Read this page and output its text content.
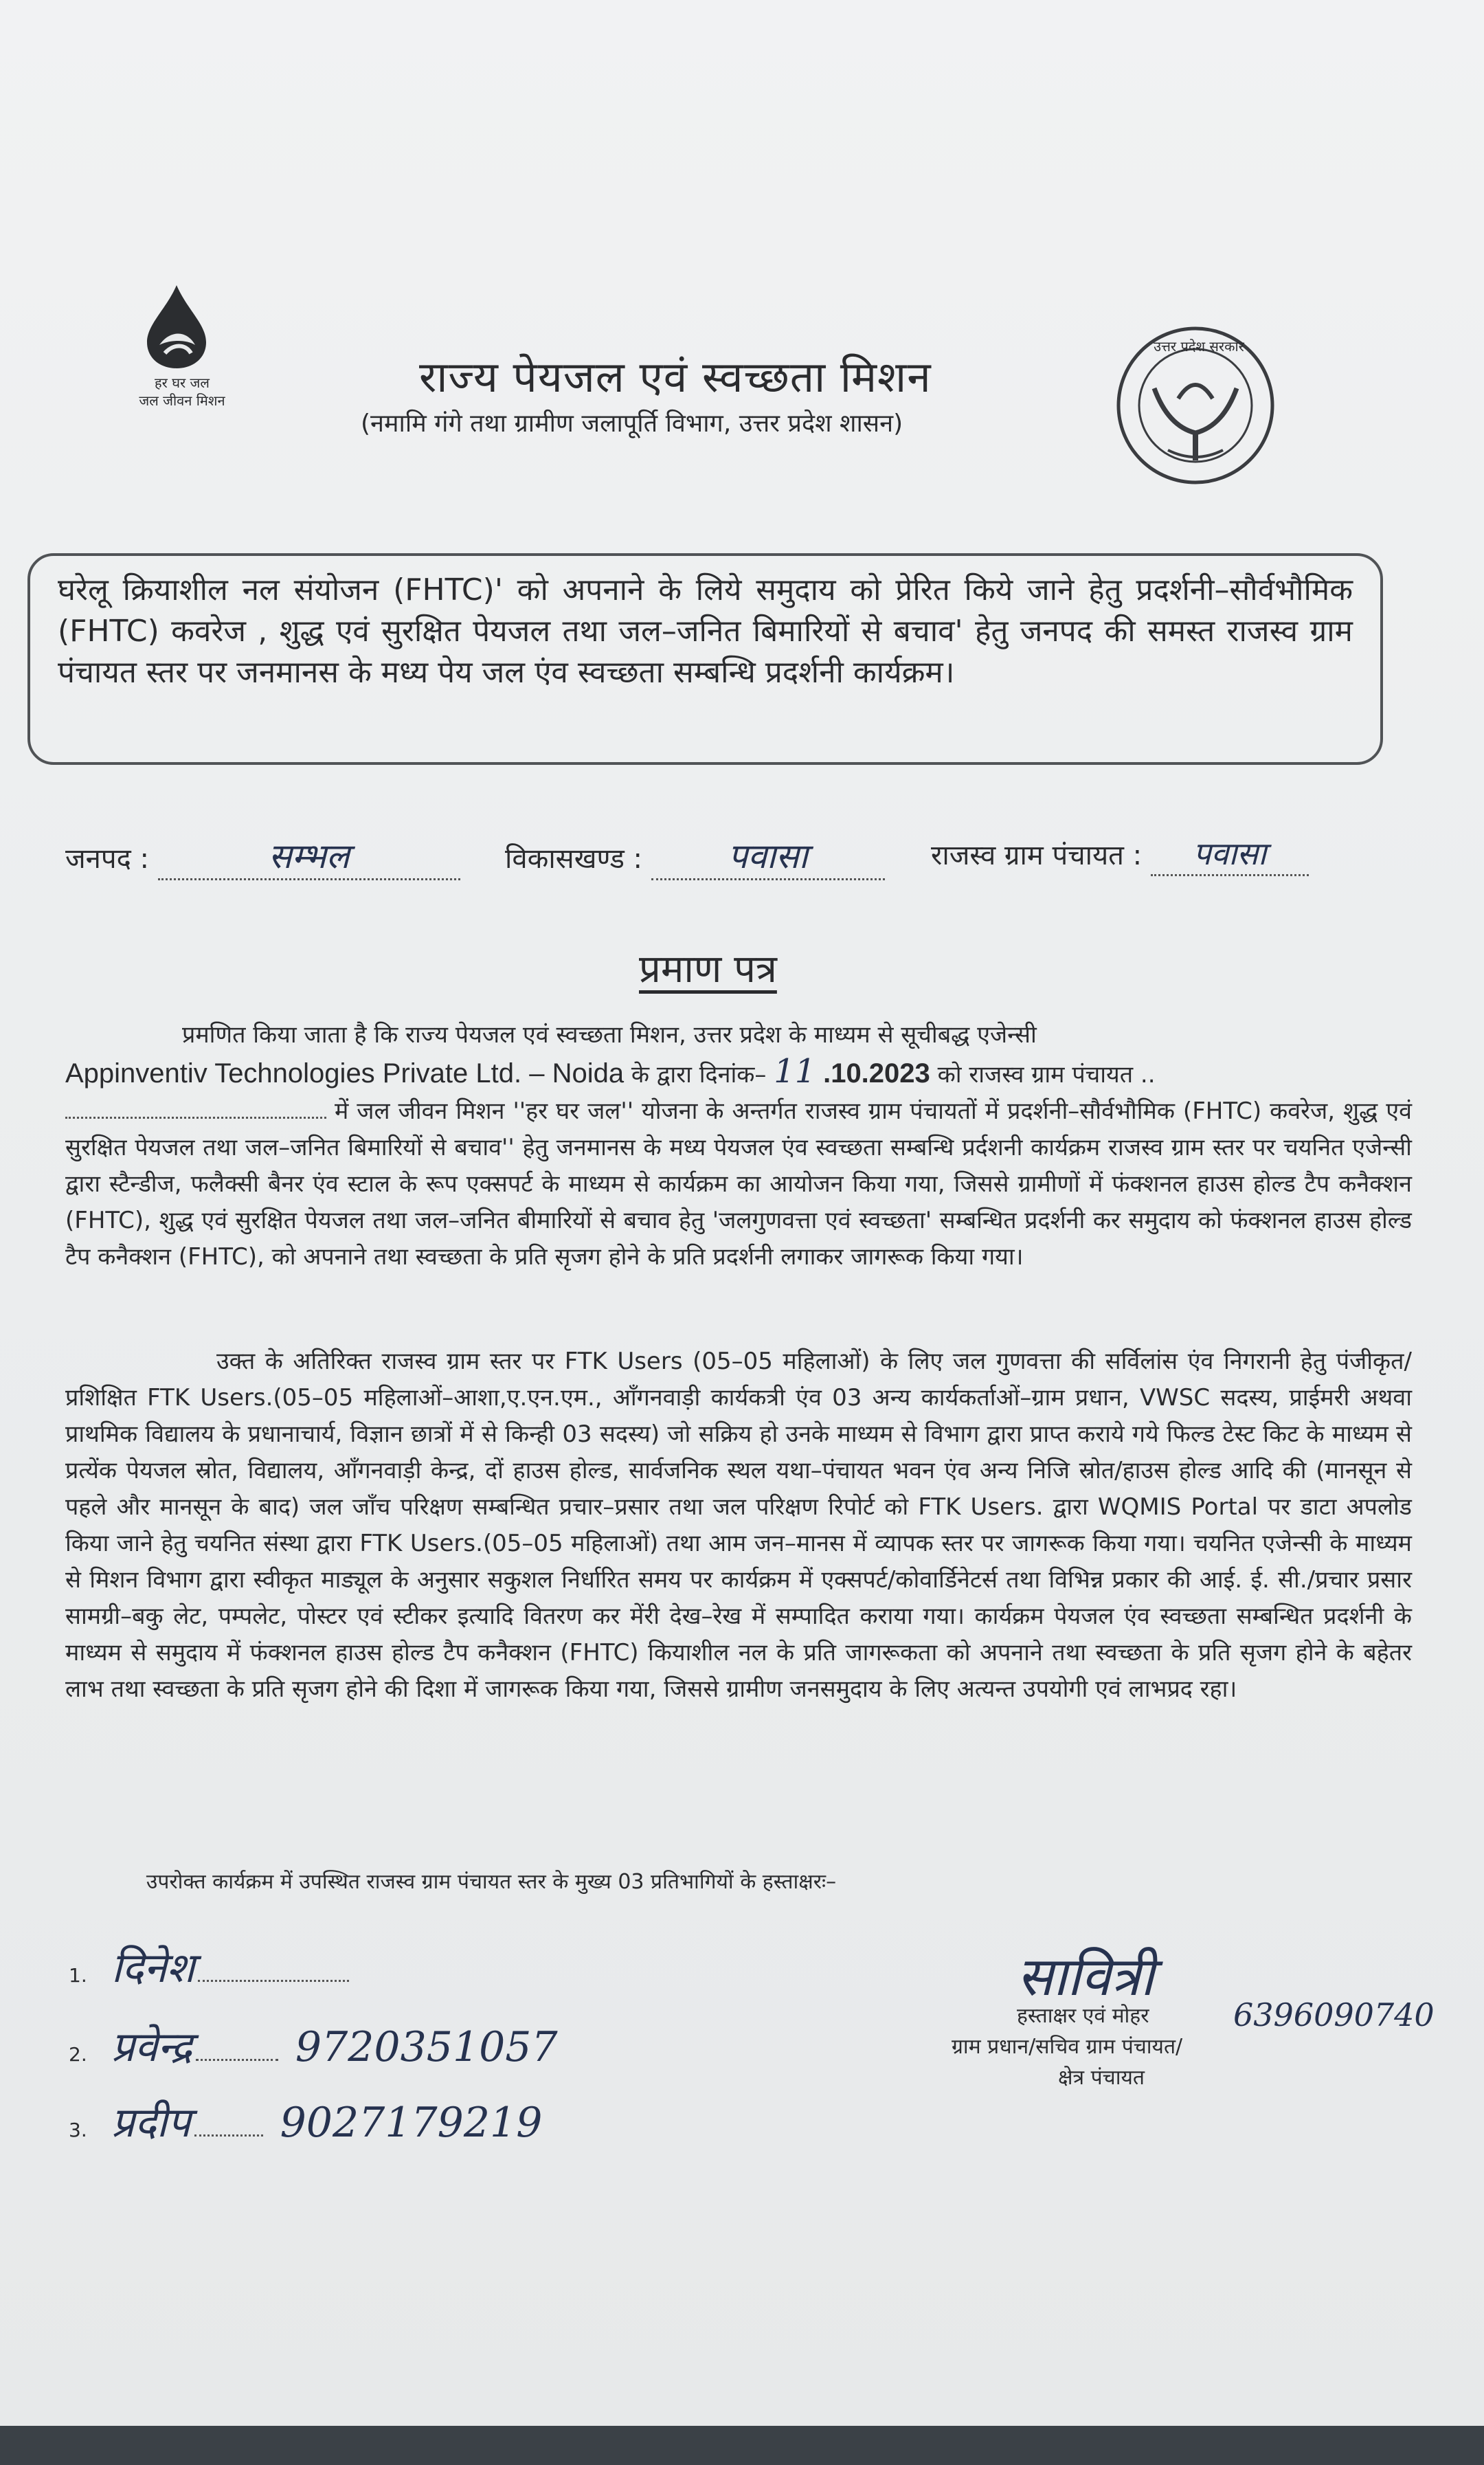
हर घर जल
जल जीवन मिशन	राज्य पेयजल एवं स्वच्छता मिशन
(नमामि गंगे तथा ग्रामीण जलापूर्ति विभाग, उत्तर प्रदेश शासन)
उत्तर प्रदेश सरकार

घरेलू क्रियाशील नल संयोजन (FHTC)' को अपनाने के लिये समुदाय को प्रेरित किये जाने हेतु प्रदर्शनी–सौर्वभौमिक (FHTC) कवरेज , शुद्ध एवं सुरक्षित पेयजल तथा जल–जनित बिमारियों से बचाव' हेतु जनपद की समस्त राजस्व ग्राम पंचायत स्तर पर जनमानस के मध्य पेय जल एंव स्वच्छता सम्बन्धि प्रदर्शनी कार्यक्रम।

जनपद :	सम्भल	विकासखण्ड : पवासा	राजस्व ग्राम पंचायत : पवासा
प्रमाण पत्र
प्रमणित किया जाता है कि राज्य पेयजल एवं स्वच्छता मिशन, उत्तर प्रदेश के माध्यम से सूचीबद्ध एजेन्सी
Appinventiv Technologies Private Ltd. – Noida के द्वारा दिनांक– 11 .10.2023 को राजस्व ग्राम पंचायत ..
में जल जीवन मिशन ''हर घर जल'' योजना के अन्तर्गत राजस्व ग्राम पंचायतों में प्रदर्शनी–सौर्वभौमिक (FHTC) कवरेज, शुद्ध एवं सुरक्षित पेयजल तथा जल–जनित बिमारियों से बचाव'' हेतु जनमानस के मध्य पेयजल एंव स्वच्छता सम्बन्धि प्रर्दशनी कार्यक्रम राजस्व ग्राम स्तर पर चयनित एजेन्सी द्वारा स्टैन्डीज, फलैक्सी बैनर एंव स्टाल के रूप एक्सपर्ट के माध्यम से कार्यक्रम का आयोजन किया गया, जिससे ग्रामीणों में फंक्शनल हाउस होल्ड टैप कनैक्शन (FHTC), शुद्ध एवं सुरक्षित पेयजल तथा जल–जनित बीमारियों से बचाव हेतु 'जलगुणवत्ता एवं स्वच्छता' सम्बन्धित प्रदर्शनी कर समुदाय को फंक्शनल हाउस होल्ड टैप कनैक्शन (FHTC), को अपनाने तथा स्वच्छता के प्रति सृजग होने के प्रति प्रदर्शनी लगाकर जागरूक किया गया।
उक्त के अतिरिक्त राजस्व ग्राम स्तर पर FTK Users (05–05 महिलाओं) के लिए जल गुणवत्ता की सर्विलांस एंव निगरानी हेतु पंजीकृत/प्रशिक्षित FTK Users.(05–05 महिलाओं–आशा,ए.एन.एम., आँगनवाड़ी कार्यकत्री एंव 03 अन्य कार्यकर्ताओं–ग्राम प्रधान, VWSC सदस्य, प्राईमरी अथवा प्राथमिक विद्यालय के प्रधानाचार्य, विज्ञान छात्रों में से किन्ही 03 सदस्य) जो सक्रिय हो उनके माध्यम से विभाग द्वारा प्राप्त कराये गये फिल्ड टेस्ट किट के माध्यम से प्रत्येंक पेयजल स्रोत, विद्यालय, आँगनवाड़ी केन्द्र, दों हाउस होल्ड, सार्वजनिक स्थल यथा–पंचायत भवन एंव अन्य निजि स्रोत/हाउस होल्ड आदि की (मानसून से पहले और मानसून के बाद) जल जाँच परिक्षण सम्बन्धित प्रचार–प्रसार तथा जल परिक्षण रिपोर्ट को FTK Users. द्वारा WQMIS Portal पर डाटा अपलोड किया जाने हेतु चयनित संस्था द्वारा FTK Users.(05–05 महिलाओं) तथा आम जन–मानस में व्यापक स्तर पर जागरूक किया गया। चयनित एजेन्सी के माध्यम से मिशन विभाग द्वारा स्वीकृत माड्यूल के अनुसार सकुशल निर्धारित समय पर कार्यक्रम में एक्सपर्ट/कोवार्डिनेटर्स तथा विभिन्न प्रकार की आई. ई. सी./प्रचार प्रसार सामग्री–बकु लेट, पम्पलेट, पोस्टर एवं स्टीकर इत्यादि वितरण कर मेंरी देख–रेख में सम्पादित कराया गया। कार्यक्रम पेयजल एंव स्वच्छता सम्बन्धित प्रदर्शनी के माध्यम से समुदाय में फंक्शनल हाउस होल्ड टैप कनैक्शन (FHTC) कियाशील नल के प्रति जागरूकता को अपनाने तथा स्वच्छता के प्रति सृजग होने के बहेतर लाभ तथा स्वच्छता के प्रति सृजग होने की दिशा में जागरूक किया गया, जिससे ग्रामीण जनसमुदाय के लिए अत्यन्त उपयोगी एवं लाभप्रद रहा।
उपरोक्त कार्यक्रम में उपस्थित राजस्व ग्राम पंचायत स्तर के मुख्य 03 प्रतिभागियों के हस्ताक्षरः–
1. दिनेश
2. प्रवेन्द्र	9720351057
3. प्रदीप 9027179219
सावित्री
6396090740
हस्ताक्षर एवं मोहर
ग्राम प्रधान/सचिव ग्राम पंचायत/
क्षेत्र पंचायत
